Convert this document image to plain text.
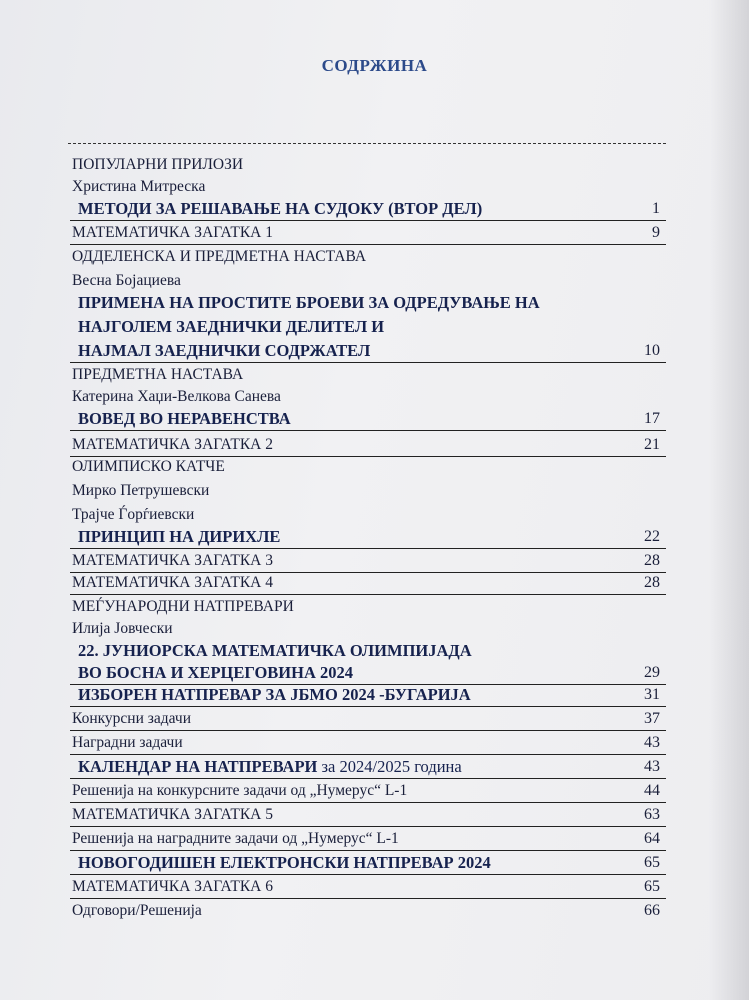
СОДРЖИНА
ПОПУЛАРНИ ПРИЛОЗИ
Христина Митреска
МЕТОДИ ЗА РЕШАВАЊЕ НА СУДОКУ (ВТОР ДЕЛ)	1
МАТЕМАТИЧКА ЗАГАТКА 1	9
ОДДЕЛЕНСКА И ПРЕДМЕТНА НАСТАВА
Весна Бојациева
ПРИМЕНА НА ПРОСТИТЕ БРОЕВИ ЗА ОДРЕДУВАЊЕ НА
НАЈГОЛЕМ ЗАЕДНИЧКИ ДЕЛИТЕЛ И
НАЈМАЛ ЗАЕДНИЧКИ СОДРЖАТЕЛ	10
ПРЕДМЕТНА НАСТАВА
Катерина Хаџи-Велкова Санева
ВОВЕД ВО НЕРАВЕНСТВА	17
МАТЕМАТИЧКА ЗАГАТКА 2	21
ОЛИМПИСКО КАТЧЕ
Мирко Петрушевски
Трајче Ѓорѓиевски
ПРИНЦИП НА ДИРИХЛЕ	22
МАТЕМАТИЧКА ЗАГАТКА 3	28
МАТЕМАТИЧКА ЗАГАТКА 4	28
МЕЃУНАРОДНИ НАТПРЕВАРИ
Илија Јовчески
22. ЈУНИОРСКА МАТЕМАТИЧКА ОЛИМПИЈАДА
ВО БОСНА И ХЕРЦЕГОВИНА 2024	29
ИЗБОРЕН НАТПРЕВАР ЗА ЈБМО 2024 -БУГАРИЈА	31
Конкурсни задачи	37
Наградни задачи	43
КАЛЕНДАР НА НАТПРЕВАРИ за 2024/2025 година	43
Решенија на конкурсните задачи од „Нумерус“ L-1	44
МАТЕМАТИЧКА ЗАГАТКА 5	63
Решенија на наградните задачи од „Нумерус“ L-1	64
НОВОГОДИШЕН ЕЛЕКТРОНСКИ НАТПРЕВАР 2024	65
МАТЕМАТИЧКА ЗАГАТКА 6	65
Одговори/Решенија	66
